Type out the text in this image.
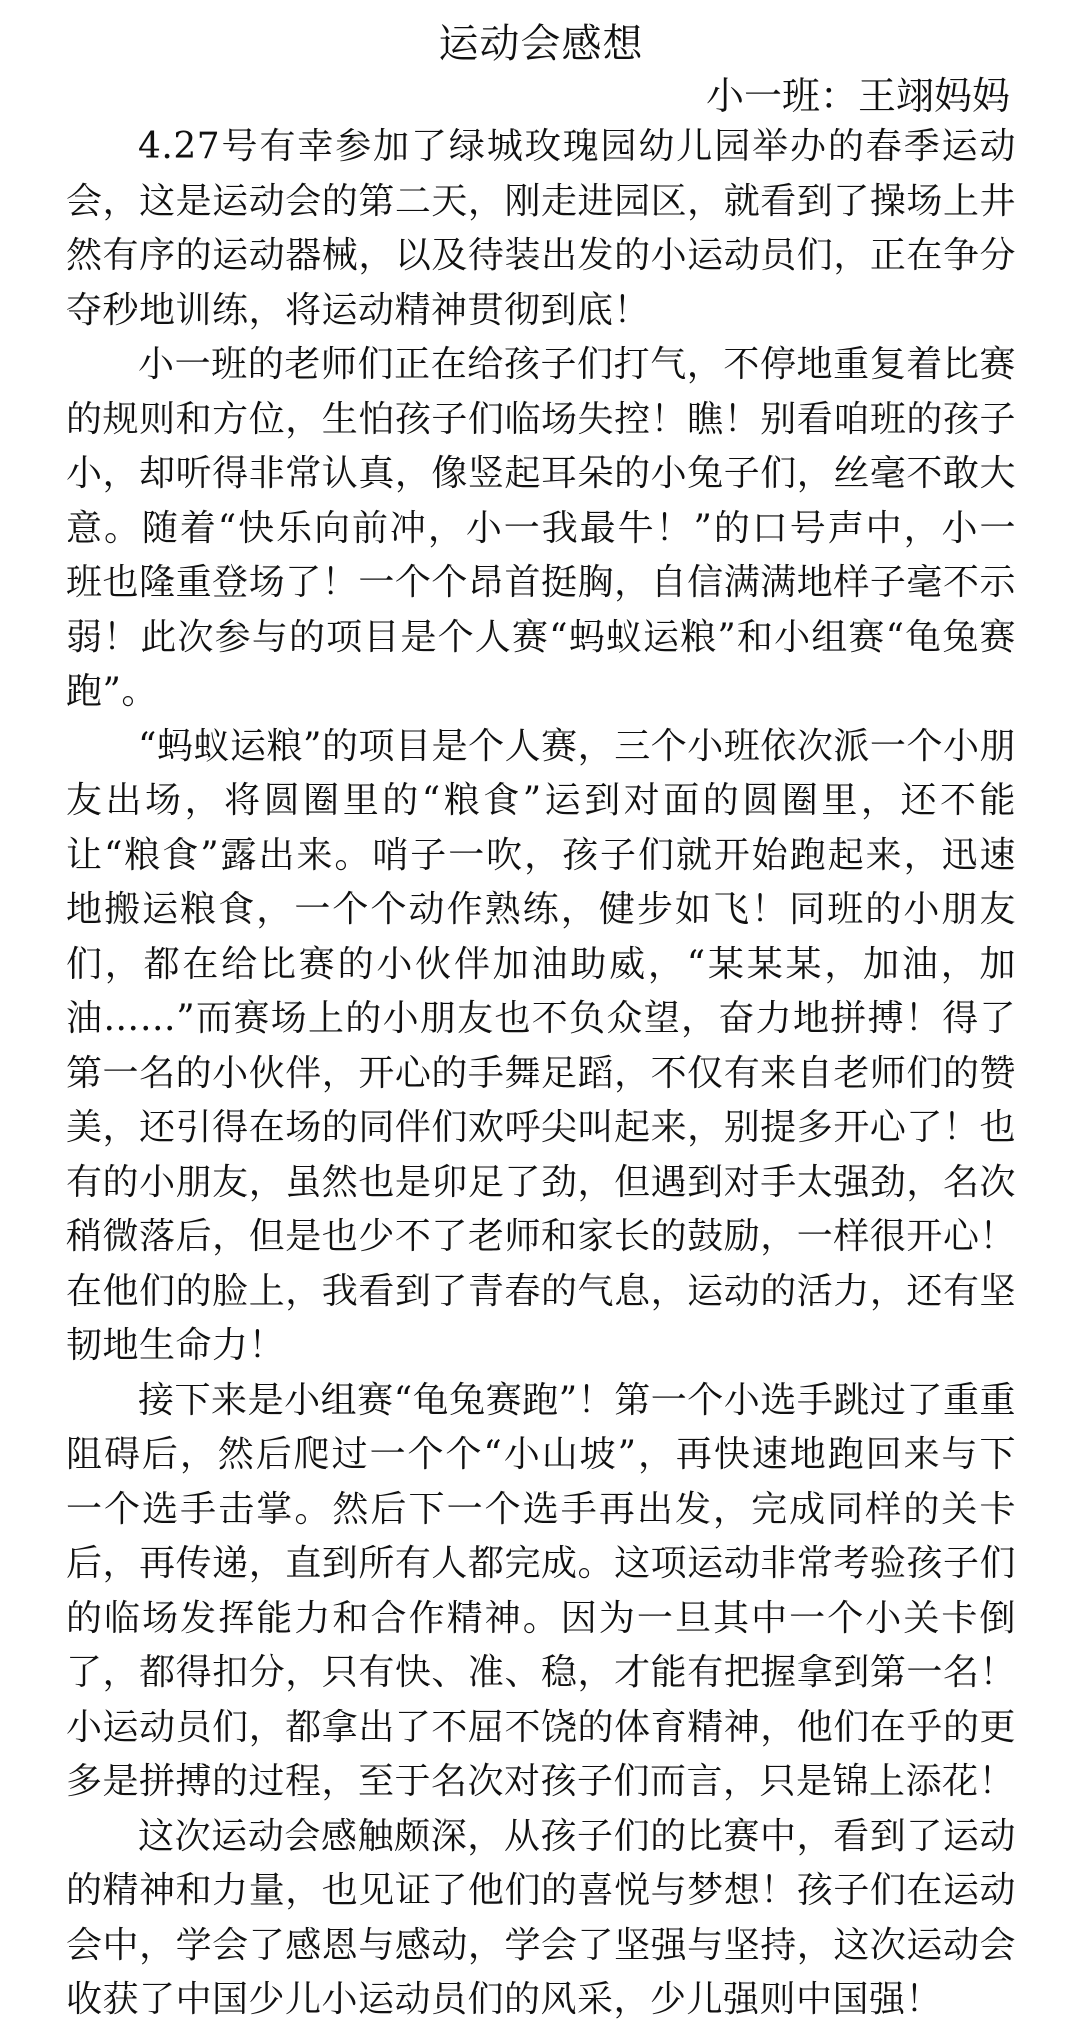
运动会感想
小一班：王翊妈妈

4.27号有幸参加了绿城玫瑰园幼儿园举办的春季运动会，这是运动会的第二天，刚走进园区，就看到了操场上井然有序的运动器械，以及待装出发的小运动员们，正在争分夺秒地训练，将运动精神贯彻到底！

小一班的老师们正在给孩子们打气，不停地重复着比赛的规则和方位，生怕孩子们临场失控！瞧！别看咱班的孩子小，却听得非常认真，像竖起耳朵的小兔子们，丝毫不敢大意。随着“快乐向前冲，小一我最牛！”的口号声中，小一班也隆重登场了！一个个昂首挺胸，自信满满地样子毫不示弱！此次参与的项目是个人赛“蚂蚁运粮”和小组赛“龟兔赛跑”。

“蚂蚁运粮”的项目是个人赛，三个小班依次派一个小朋友出场，将圆圈里的“粮食”运到对面的圆圈里，还不能让“粮食”露出来。哨子一吹，孩子们就开始跑起来，迅速地搬运粮食，一个个动作熟练，健步如飞！同班的小朋友们，都在给比赛的小伙伴加油助威，“某某某，加油，加油……”而赛场上的小朋友也不负众望，奋力地拼搏！得了第一名的小伙伴，开心的手舞足蹈，不仅有来自老师们的赞美，还引得在场的同伴们欢呼尖叫起来，别提多开心了！也有的小朋友，虽然也是卯足了劲，但遇到对手太强劲，名次稍微落后，但是也少不了老师和家长的鼓励，一样很开心！在他们的脸上，我看到了青春的气息，运动的活力，还有坚韧地生命力！

接下来是小组赛“龟兔赛跑”！第一个小选手跳过了重重阻碍后，然后爬过一个个“小山坡”，再快速地跑回来与下一个选手击掌。然后下一个选手再出发，完成同样的关卡后，再传递，直到所有人都完成。这项运动非常考验孩子们的临场发挥能力和合作精神。因为一旦其中一个小关卡倒了，都得扣分，只有快、准、稳，才能有把握拿到第一名！小运动员们，都拿出了不屈不饶的体育精神，他们在乎的更多是拼搏的过程，至于名次对孩子们而言，只是锦上添花！

这次运动会感触颇深，从孩子们的比赛中，看到了运动的精神和力量，也见证了他们的喜悦与梦想！孩子们在运动会中，学会了感恩与感动，学会了坚强与坚持，这次运动会收获了中国少儿小运动员们的风采，少儿强则中国强！
